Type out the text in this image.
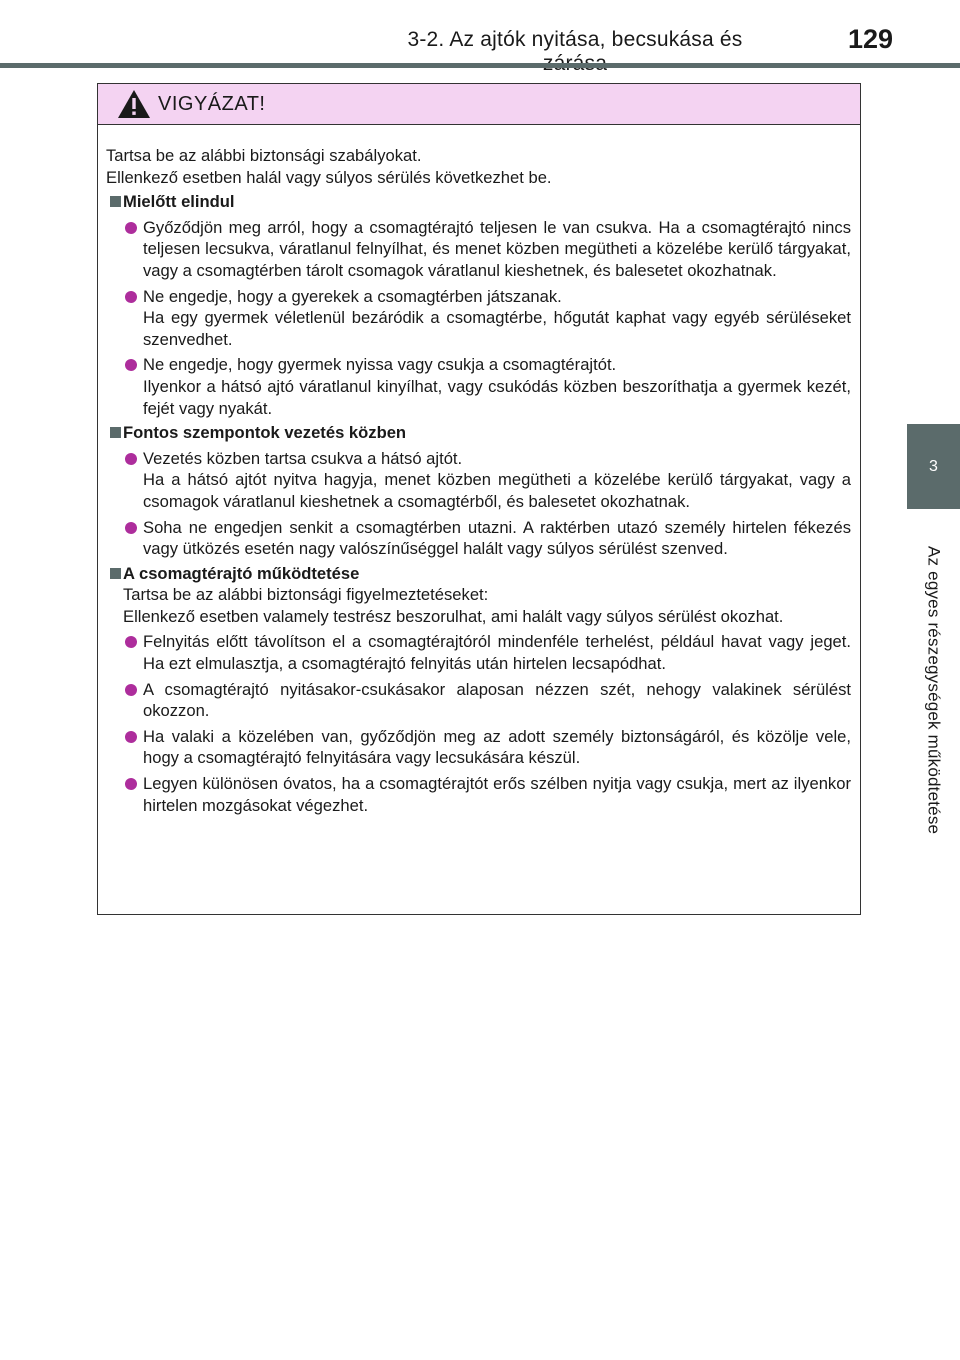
3-2. Az ajtók nyitása, becsukása és	129
3
Az egyes részegységek működtetése
VIGYÁZAT!

Tartsa be az alábbi biztonsági szabályokat.

Ellenkező esetben halál vagy súlyos sérülés következhet be.

Mielőtt elindul

Győződjön meg arról, hogy a csomagtérajtó teljesen le van csukva. Ha a csomagtérajtó nincs teljesen lecsukva, váratlanul felnyílhat, és menet közben megütheti a közelébe kerülő tárgyakat, vagy a csomagtérben tárolt csomagok váratlanul kieshetnek, és balesetet okozhatnak.

Ne engedje, hogy a gyerekek a csomagtérben játszanak.

Ha egy gyermek véletlenül bezáródik a csomagtérbe, hőgutát kaphat vagy egyéb sérüléseket szenvedhet.

Ne engedje, hogy gyermek nyissa vagy csukja a csomagtérajtót.

Ilyenkor a hátsó ajtó váratlanul kinyílhat, vagy csukódás közben beszoríthatja a gyermek kezét, fejét vagy nyakát.

Fontos szempontok vezetés közben

Vezetés közben tartsa csukva a hátsó ajtót.

Ha a hátsó ajtót nyitva hagyja, menet közben megütheti a közelébe kerülő tárgyakat, vagy a csomagok váratlanul kieshetnek a csomagtérből, és balesetet okozhatnak.

Soha ne engedjen senkit a csomagtérben utazni. A raktérben utazó személy hirtelen fékezés vagy ütközés esetén nagy valószínűséggel halált vagy súlyos sérülést szenved.

A csomagtérajtó működtetése

Tartsa be az alábbi biztonsági figyelmeztetéseket:

Ellenkező esetben valamely testrész beszorulhat, ami halált vagy súlyos sérülést okozhat.

Felnyitás előtt távolítson el a csomagtérajtóról mindenféle terhelést, például havat vagy jeget. Ha ezt elmulasztja, a csomagtérajtó felnyitás után hirtelen lecsapódhat.

A csomagtérajtó nyitásakor-csukásakor alaposan nézzen szét, nehogy valakinek sérülést okozzon.

Ha valaki a közelében van, győződjön meg az adott személy biztonságáról, és közölje vele, hogy a csomagtérajtó felnyitására vagy lecsukására készül.

Legyen különösen óvatos, ha a csomagtérajtót erős szélben nyitja vagy csukja, mert az ilyenkor hirtelen mozgásokat végezhet.
